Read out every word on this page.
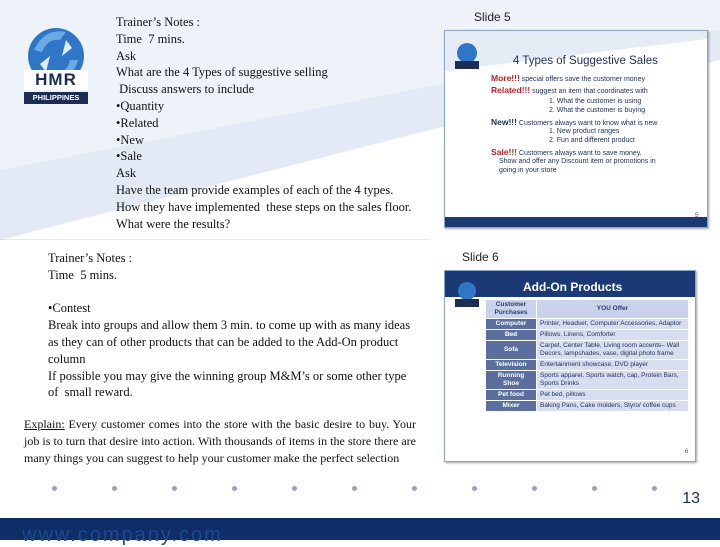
HMR
PHILIPPINES
Trainer’s Notes :
Time  7 mins.
Ask
What are the 4 Types of suggestive selling
Discuss answers to include
•Quantity
•Related
•New
•Sale
Ask
Have the team provide examples of each of the 4 types. How they have implemented  these steps on the sales floor. What were the results?
Slide 5
4 Types of Suggestive Sales
More!!! special offers save the customer money
Related!!! suggest an item that coordinates with
1. What the customer is using
2. What the customer is buying
New!!! Customers always want to know what is new
1. New product ranges
2. Fun and different product
Sale!!! Customers always want to save money.
Show and offer any Discount item or promotions in
going in your store
5
Trainer’s Notes :
Time  5 mins.
•Contest
Break into groups and allow them 3 min. to come up with as many ideas as they can of other products that can be added to the Add-On product column
If possible you may give the winning group M&M’s or some other type of  small reward.
Slide 6
Add-On Products
Customer Purchases	YOU Offer
Computer	Printer, Headset, Computer Accessories, Adaptor
Bed	Pillows, Linens, Comforter
Sofa	Carpet, Center Table, Living room accents– Wall Decors, lampshades, vase, digital photo frame
Television	Entertainment showcase, DVD player
Running Shoe	Sports apparel, Sports watch, cap, Protein Bars, Sports Drinks
Pet food	Pet bed, pillows
Mixer	Baking Pans, Cake molders, Styro/ coffee cups
6
Explain: Every customer comes into the store with the basic desire to buy. Your job is to turn that desire into action. With thousands of items in the store there are many things you can suggest to help your customer make the perfect selection
13
www.company.com
